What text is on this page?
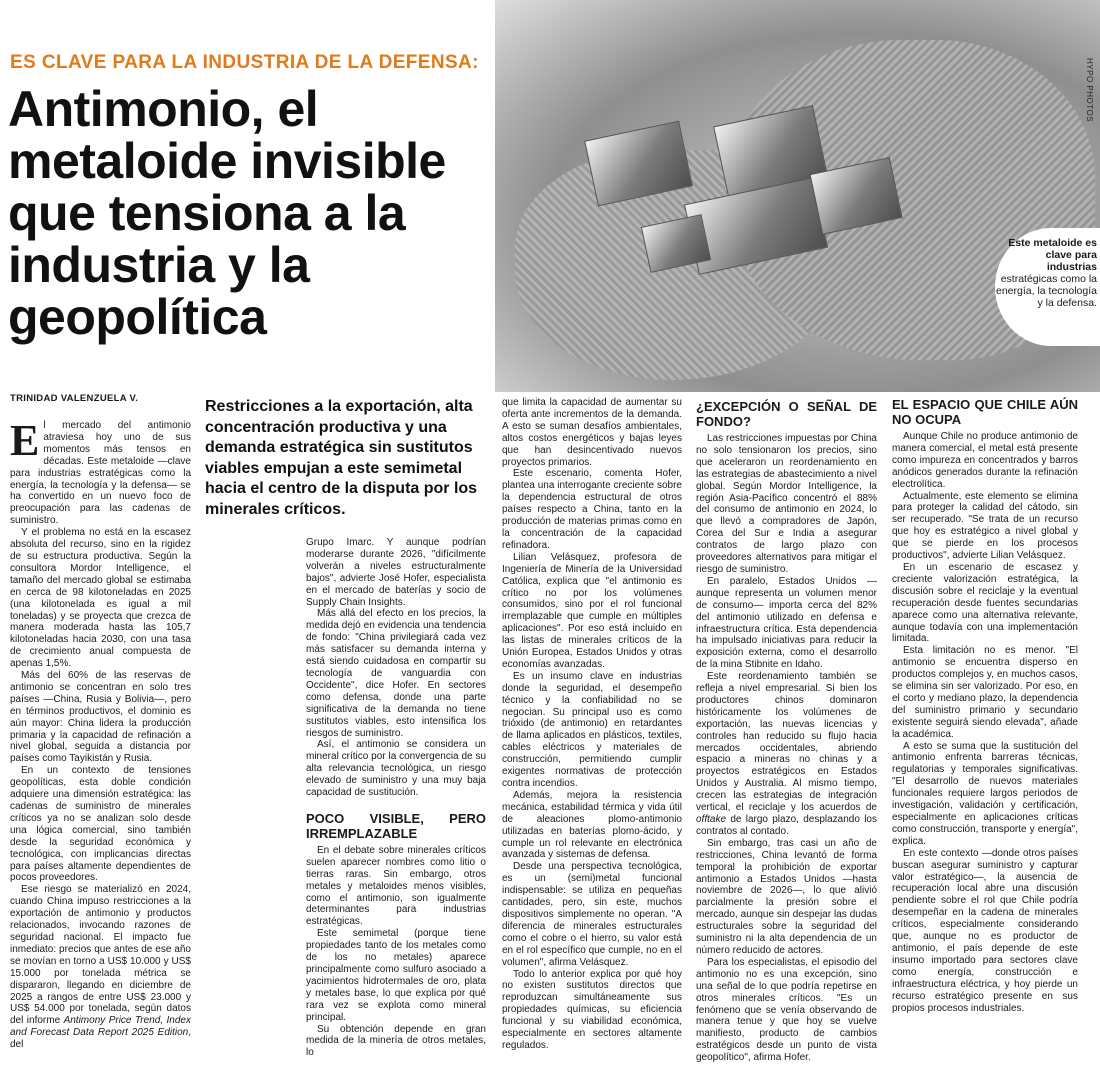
HYPO PHOTOS
Este metaloide es clave para industrias
estratégicas como la energía, la tecnología y la defensa.
ES CLAVE PARA LA INDUSTRIA DE LA DEFENSA:
Antimonio, el metaloide invisible que tensiona a la industria y la geopolítica
TRINIDAD VALENZUELA V.	Restricciones a la exportación, alta concentración productiva y una demanda estratégica sin sustitutos viables empujan a este semimetal hacia el centro de la disputa por los minerales críticos.

El mercado del antimonio atraviesa hoy uno de sus momentos más tensos en décadas. Este metaloide —clave para industrias estratégicas como la energía, la tecnología y la defensa— se ha convertido en un nuevo foco de preocupación para las cadenas de suministro.

Y el problema no está en la escasez absoluta del recurso, sino en la rigidez de su estructura productiva. Según la consultora Mordor Intelligence, el tamaño del mercado global se estimaba en cerca de 98 kilotoneladas en 2025 (una kilotonelada es igual a mil toneladas) y se proyecta que crezca de manera moderada hasta las 105,7 kilotoneladas hacia 2030, con una tasa de crecimiento anual compuesta de apenas 1,5%.

Más del 60% de las reservas de antimonio se concentran en solo tres países —China, Rusia y Bolivia—, pero en términos productivos, el dominio es aún mayor: China lidera la producción primaria y la capacidad de refinación a nivel global, seguida a distancia por países como Tayikistán y Rusia.

En un contexto de tensiones geopolíticas, esta doble condición adquiere una dimensión estratégica: las cadenas de suministro de minerales críticos ya no se analizan solo desde una lógica comercial, sino también desde la seguridad económica y tecnológica, con implicancias directas para países altamente dependientes de pocos proveedores.

Ese riesgo se materializó en 2024, cuando China impuso restricciones a la exportación de antimonio y productos relacionados, invocando razones de seguridad nacional. El impacto fue inmediato: precios que antes de ese año se movían en torno a US$ 10.000 y US$ 15.000 por tonelada métrica se dispararon, llegando en diciembre de 2025 a rangos de entre US$ 23.000 y US$ 54.000 por tonelada, según datos del informe Antimony Price Trend, Index and Forecast Data Report 2025 Edition, del

Grupo Imarc. Y aunque podrían moderarse durante 2026, "difícilmente volverán a niveles estructuralmente bajos", advierte José Hofer, especialista en el mercado de baterías y socio de Supply Chain Insights.

Más allá del efecto en los precios, la medida dejó en evidencia una tendencia de fondo: "China privilegiará cada vez más satisfacer su demanda interna y está siendo cuidadosa en compartir su tecnología de vanguardia con Occidente", dice Hofer. En sectores como defensa, donde una parte significativa de la demanda no tiene sustitutos viables, esto intensifica los riesgos de suministro.

Así, el antimonio se considera un mineral crítico por la convergencia de su alta relevancia tecnológica, un riesgo elevado de suministro y una muy baja capacidad de sustitución.

POCO VISIBLE, PERO IRREMPLAZABLE

En el debate sobre minerales críticos suelen aparecer nombres como litio o tierras raras. Sin embargo, otros metales y metaloides menos visibles, como el antimonio, son igualmente determinantes para industrias estratégicas.

Este semimetal (porque tiene propiedades tanto de los metales como de los no metales) aparece principalmente como sulfuro asociado a yacimientos hidrotermales de oro, plata y metales base, lo que explica por qué rara vez se explota como mineral principal.

Su obtención depende en gran medida de la minería de otros metales, lo

que limita la capacidad de aumentar su oferta ante incrementos de la demanda. A esto se suman desafíos ambientales, altos costos energéticos y bajas leyes que han desincentivado nuevos proyectos primarios.

Este escenario, comenta Hofer, plantea una interrogante creciente sobre la dependencia estructural de otros países respecto a China, tanto en la producción de materias primas como en la concentración de la capacidad refinadora.

Lilian Velásquez, profesora de Ingeniería de Minería de la Universidad Católica, explica que "el antimonio es crítico no por los volúmenes consumidos, sino por el rol funcional irremplazable que cumple en múltiples aplicaciones". Por eso está incluido en las listas de minerales críticos de la Unión Europea, Estados Unidos y otras economías avanzadas.

Es un insumo clave en industrias donde la seguridad, el desempeño técnico y la confiabilidad no se negocian. Su principal uso es como trióxido (de antimonio) en retardantes de llama aplicados en plásticos, textiles, cables eléctricos y materiales de construcción, permitiendo cumplir exigentes normativas de protección contra incendios.

Además, mejora la resistencia mecánica, estabilidad térmica y vida útil de aleaciones plomo-antimonio utilizadas en baterías plomo-ácido, y cumple un rol relevante en electrónica avanzada y sistemas de defensa.

Desde una perspectiva tecnológica, es un (semi)metal funcional indispensable: se utiliza en pequeñas cantidades, pero, sin este, muchos dispositivos simplemente no operan. "A diferencia de minerales estructurales como el cobre o el hierro, su valor está en el rol específico que cumple, no en el volumen", afirma Velásquez.

Todo lo anterior explica por qué hoy no existen sustitutos directos que reproduzcan simultáneamente sus propiedades químicas, su eficiencia funcional y su viabilidad económica, especialmente en sectores altamente regulados.

¿EXCEPCIÓN O SEÑAL DE FONDO?

Las restricciones impuestas por China no solo tensionaron los precios, sino que aceleraron un reordenamiento en las estrategias de abastecimiento a nivel global. Según Mordor Intelligence, la región Asia-Pacífico concentró el 88% del consumo de antimonio en 2024, lo que llevó a compradores de Japón, Corea del Sur e India a asegurar contratos de largo plazo con proveedores alternativos para mitigar el riesgo de suministro.

En paralelo, Estados Unidos —aunque representa un volumen menor de consumo— importa cerca del 82% del antimonio utilizado en defensa e infraestructura crítica. Esta dependencia ha impulsado iniciativas para reducir la exposición externa, como el desarrollo de la mina Stibnite en Idaho.

Este reordenamiento también se refleja a nivel empresarial. Si bien los productores chinos dominaron históricamente los volúmenes de exportación, las nuevas licencias y controles han reducido su flujo hacia mercados occidentales, abriendo espacio a mineras no chinas y a proyectos estratégicos en Estados Unidos y Australia. Al mismo tiempo, crecen las estrategias de integración vertical, el reciclaje y los acuerdos de offtake de largo plazo, desplazando los contratos al contado.

Sin embargo, tras casi un año de restricciones, China levantó de forma temporal la prohibición de exportar antimonio a Estados Unidos —hasta noviembre de 2026—, lo que alivió parcialmente la presión sobre el mercado, aunque sin despejar las dudas estructurales sobre la seguridad del suministro ni la alta dependencia de un número reducido de actores.

Para los especialistas, el episodio del antimonio no es una excepción, sino una señal de lo que podría repetirse en otros minerales críticos. "Es un fenómeno que se venía observando de manera tenue y que hoy se vuelve manifiesto, producto de cambios estratégicos desde un punto de vista geopolítico", afirma Hofer.

EL ESPACIO QUE CHILE AÚN NO OCUPA

Aunque Chile no produce antimonio de manera comercial, el metal está presente como impureza en concentrados y barros anódicos generados durante la refinación electrolítica.

Actualmente, este elemento se elimina para proteger la calidad del cátodo, sin ser recuperado. "Se trata de un recurso que hoy es estratégico a nivel global y que se pierde en los procesos productivos", advierte Lilian Velásquez.

En un escenario de escasez y creciente valorización estratégica, la discusión sobre el reciclaje y la eventual recuperación desde fuentes secundarias aparece como una alternativa relevante, aunque todavía con una implementación limitada.

Esta limitación no es menor. "El antimonio se encuentra disperso en productos complejos y, en muchos casos, se elimina sin ser valorizado. Por eso, en el corto y mediano plazo, la dependencia del suministro primario y secundario existente seguirá siendo elevada", añade la académica.

A esto se suma que la sustitución del antimonio enfrenta barreras técnicas, regulatorias y temporales significativas. "El desarrollo de nuevos materiales funcionales requiere largos periodos de investigación, validación y certificación, especialmente en aplicaciones críticas como construcción, transporte y energía", explica.

En este contexto —donde otros países buscan asegurar suministro y capturar valor estratégico—, la ausencia de recuperación local abre una discusión pendiente sobre el rol que Chile podría desempeñar en la cadena de minerales críticos, especialmente considerando que, aunque no es productor de antimonio, el país depende de este insumo importado para sectores clave como energía, construcción e infraestructura eléctrica, y hoy pierde un recurso estratégico presente en sus propios procesos industriales.
